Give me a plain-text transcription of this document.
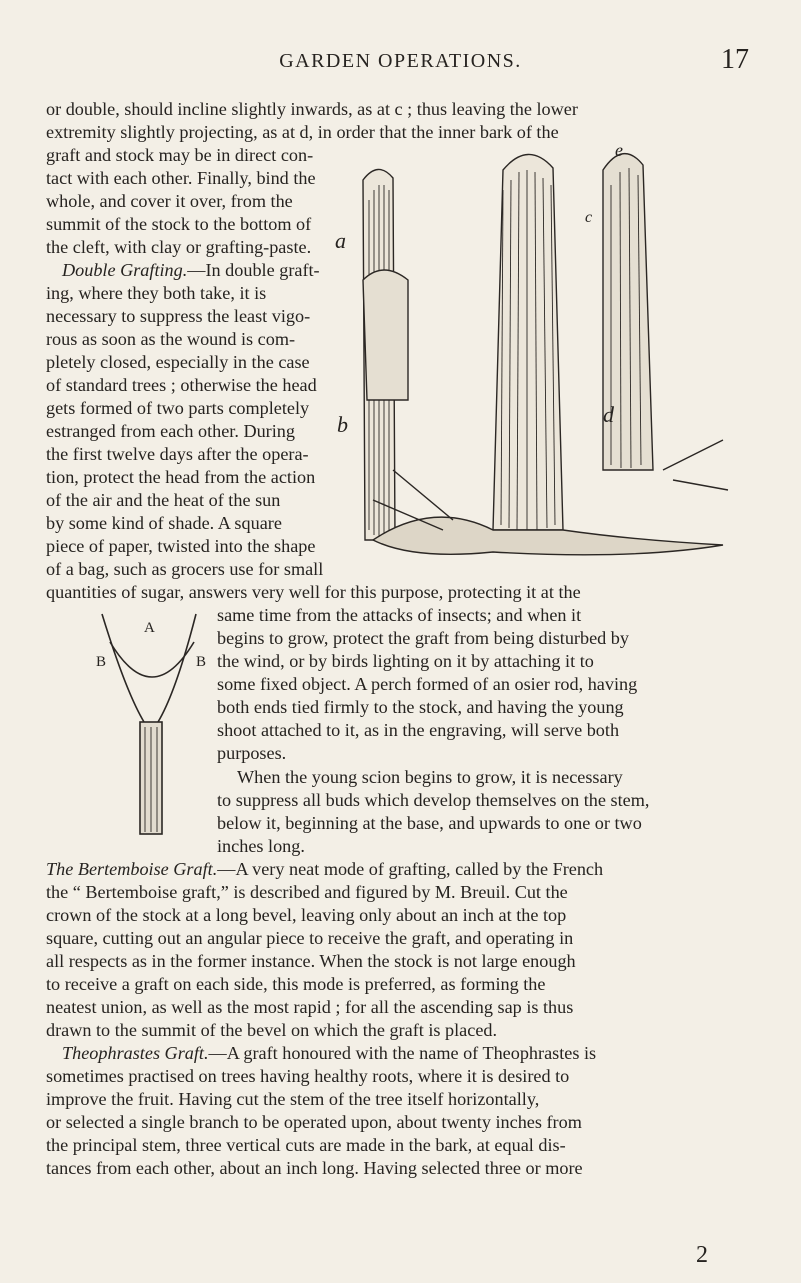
GARDEN OPERATIONS.	17

or double, should incline slightly inwards, as at c ; thus leaving the lower

extremity slightly projecting, as at d, in order that the inner bark of the

graft and stock may be in direct con-

tact with each other. Finally, bind the

whole, and cover it over, from the

summit of the stock to the bottom of

the cleft, with clay or grafting-paste.

Double Grafting.—In double graft-

ing, where they both take, it is

necessary to suppress the least vigo-

rous as soon as the wound is com-

pletely closed, especially in the case

of standard trees ; otherwise the head

gets formed of two parts completely

estranged from each other. During

the first twelve days after the opera-

tion, protect the head from the action

of the air and the heat of the sun

by some kind of shade. A square

piece of paper, twisted into the shape

of a bag, such as grocers use for small

quantities of sugar, answers very well for this purpose, protecting it at the

same time from the attacks of insects; and when it

begins to grow, protect the graft from being disturbed by

the wind, or by birds lighting on it by attaching it to

some fixed object. A perch formed of an osier rod, having

both ends tied firmly to the stock, and having the young

shoot attached to it, as in the engraving, will serve both

purposes.

When the young scion begins to grow, it is necessary

to suppress all buds which develop themselves on the stem,

below it, beginning at the base, and upwards to one or two

inches long.

The Bertemboise Graft.—A very neat mode of grafting, called by the French

the “ Bertemboise graft,” is described and figured by M. Breuil. Cut the

crown of the stock at a long bevel, leaving only about an inch at the top

square, cutting out an angular piece to receive the graft, and operating in

all respects as in the former instance. When the stock is not large enough

to receive a graft on each side, this mode is preferred, as forming the

neatest union, as well as the most rapid ; for all the ascending sap is thus

drawn to the summit of the bevel on which the graft is placed.

Theophrastes Graft.—A graft honoured with the name of Theophrastes is

sometimes practised on trees having healthy roots, where it is desired to

improve the fruit. Having cut the stem of the tree itself horizontally,

or selected a single branch to be operated upon, about twenty inches from

the principal stem, three vertical cuts are made in the bark, at equal dis-

tances from each other, about an inch long. Having selected three or more

a
b
c
d
e
A
B	B
2
